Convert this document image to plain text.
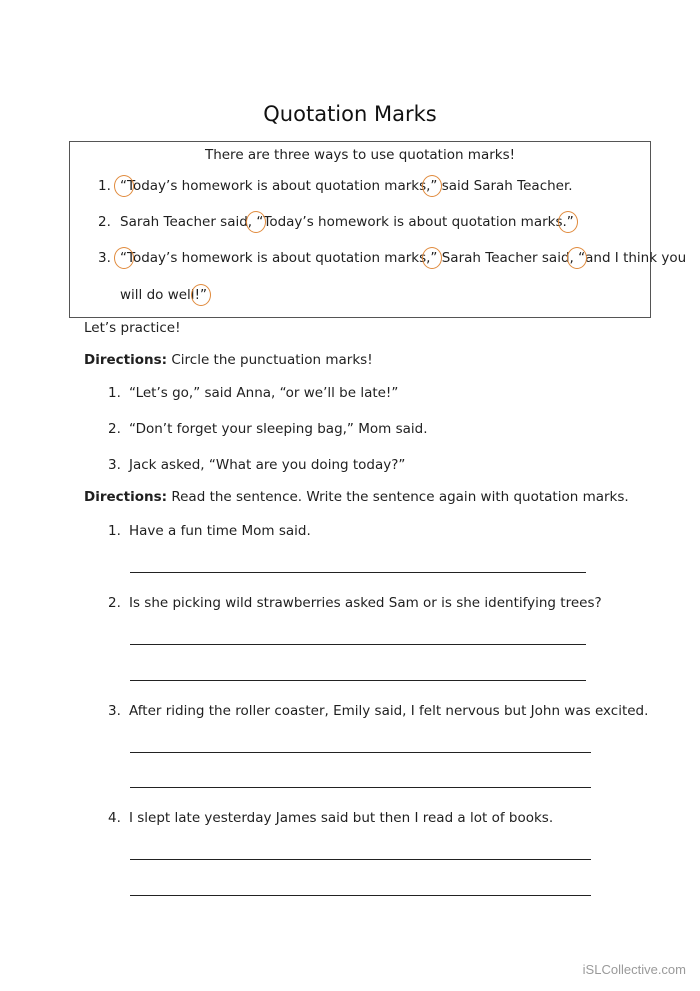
Quotation Marks
There are three ways to use quotation marks!
1. “Today’s homework is about quotation marks,” said Sarah Teacher.
2. Sarah Teacher said, “Today’s homework is about quotation marks.”
3. “Today’s homework is about quotation marks,” Sarah Teacher said, “and I think you
will do well!”
Let’s practice!
Directions: Circle the punctuation marks!
1. “Let’s go,” said Anna, “or we’ll be late!”
2. “Don’t forget your sleeping bag,” Mom said.
3. Jack asked, “What are you doing today?”
Directions: Read the sentence. Write the sentence again with quotation marks.
1. Have a fun time Mom said.
2. Is she picking wild strawberries asked Sam or is she identifying trees?
3. After riding the roller coaster, Emily said, I felt nervous but John was excited.
4. I slept late yesterday James said but then I read a lot of books.
iSLCollective.com
